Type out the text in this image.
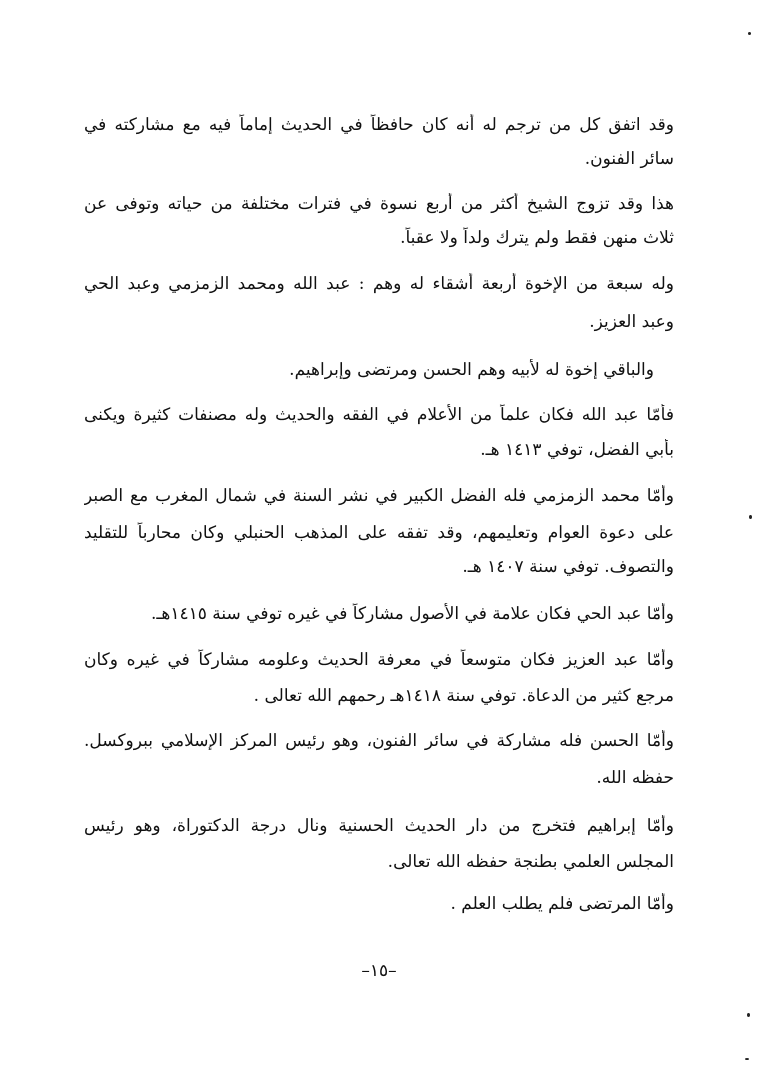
وقد اتفق كل من ترجم له أنه كان حافظاً في الحديث إماماً فيه مع مشاركته في
سائر الفنون.
هذا وقد تزوج الشيخ أكثر من أربع نسوة في فترات مختلفة من حياته وتوفى عن
ثلاث منهن فقط ولم يترك ولداً ولا عقباً.
وله سبعة من الإخوة أربعة أشقاء له وهم : عبد الله ومحمد الزمزمي وعبد الحي
وعبد العزيز.
والباقي إخوة له لأبيه وهم الحسن ومرتضى وإبراهيم.
فأمّا عبد الله فكان علماً من الأعلام في الفقه والحديث وله مصنفات كثيرة ويكنى
بأبي الفضل، توفي ١٤١٣ هـ.
وأمّا محمد الزمزمي فله الفضل الكبير في نشر السنة في شمال المغرب مع الصبر
على دعوة العوام وتعليمهم، وقد تفقه على المذهب الحنبلي وكان محارباً للتقليد
والتصوف. توفي سنة ١٤٠٧ هـ.
وأمّا عبد الحي فكان علامة في الأصول مشاركاً في غيره توفي سنة ١٤١٥هـ.
وأمّا عبد العزيز فكان متوسعاً في معرفة الحديث وعلومه مشاركاً في غيره وكان
مرجع كثير من الدعاة. توفي سنة ١٤١٨هـ رحمهم الله تعالى .
وأمّا الحسن فله مشاركة في سائر الفنون، وهو رئيس المركز الإسلامي ببروكسل.
حفظه الله.
وأمّا إبراهيم فتخرج من دار الحديث الحسنية ونال درجة الدكتوراة، وهو رئيس
المجلس العلمي بطنجة حفظه الله تعالى.
وأمّا المرتضى فلم يطلب العلم .
–١٥–
